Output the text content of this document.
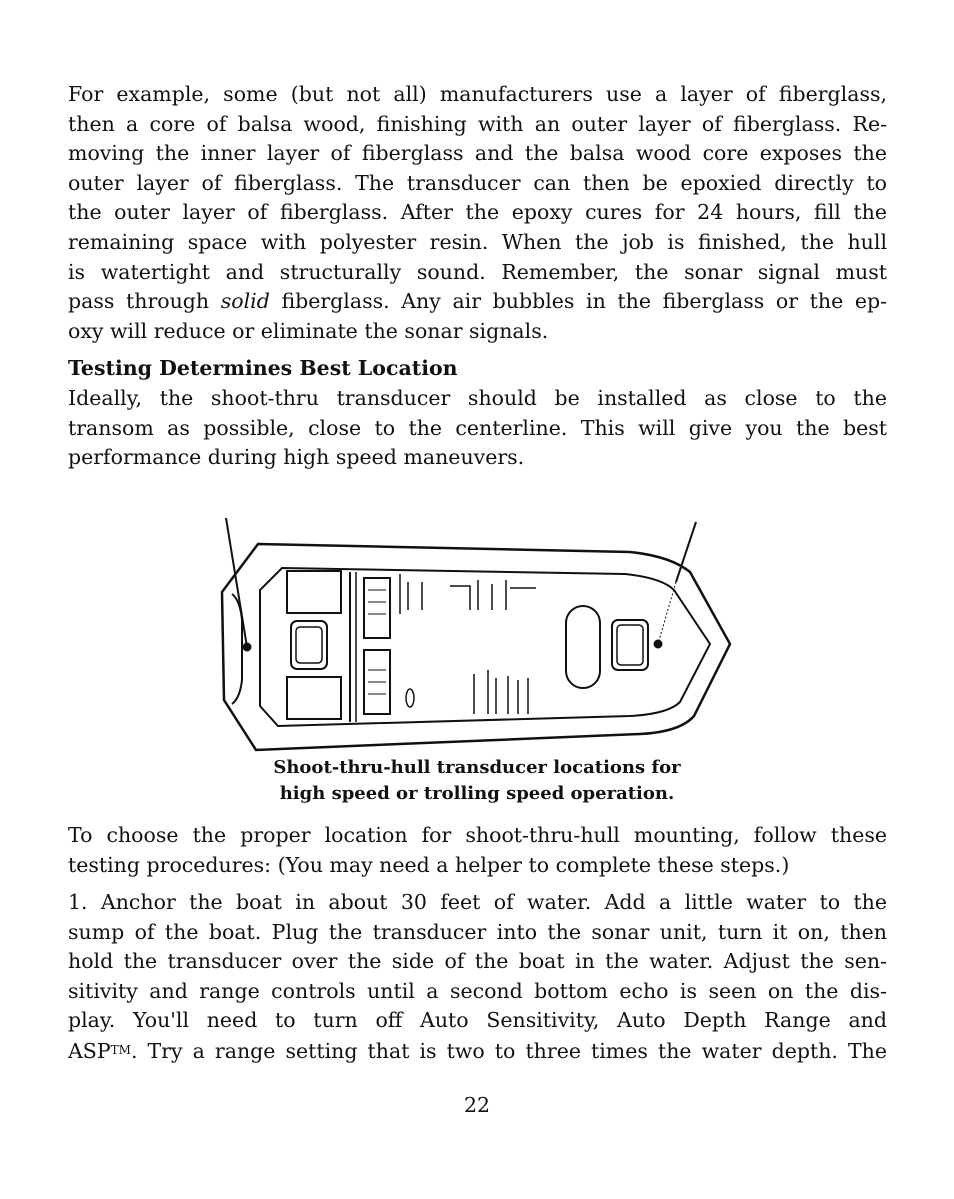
For example, some (but not all) manufacturers use a layer of fiberglass,
then a core of balsa wood, finishing with an outer layer of fiberglass. Re-
moving the inner layer of fiberglass and the balsa wood core exposes the
outer layer of fiberglass. The transducer can then be epoxied directly to
the outer layer of fiberglass. After the epoxy cures for 24 hours, fill the
remaining space with polyester resin. When the job is finished, the hull
is watertight and structurally sound. Remember, the sonar signal must
pass through solid fiberglass. Any air bubbles in the fiberglass or the ep-
oxy will reduce or eliminate the sonar signals.
Testing Determines Best Location
Ideally, the shoot-thru transducer should be installed as close to the
transom as possible, close to the centerline. This will give you the best
performance during high speed maneuvers.
Shoot-thru-hull transducer locations for
high speed or trolling speed operation.
To choose the proper location for shoot-thru-hull mounting, follow these
testing procedures: (You may need a helper to complete these steps.)
1. Anchor the boat in about 30 feet of water. Add a little water to the
sump of the boat. Plug the transducer into the sonar unit, turn it on, then
hold the transducer over the side of the boat in the water. Adjust the sen-
sitivity and range controls until a second bottom echo is seen on the dis-
play. You'll need to turn off Auto Sensitivity, Auto Depth Range and
ASPTM. Try a range setting that is two to three times the water depth. The
22
